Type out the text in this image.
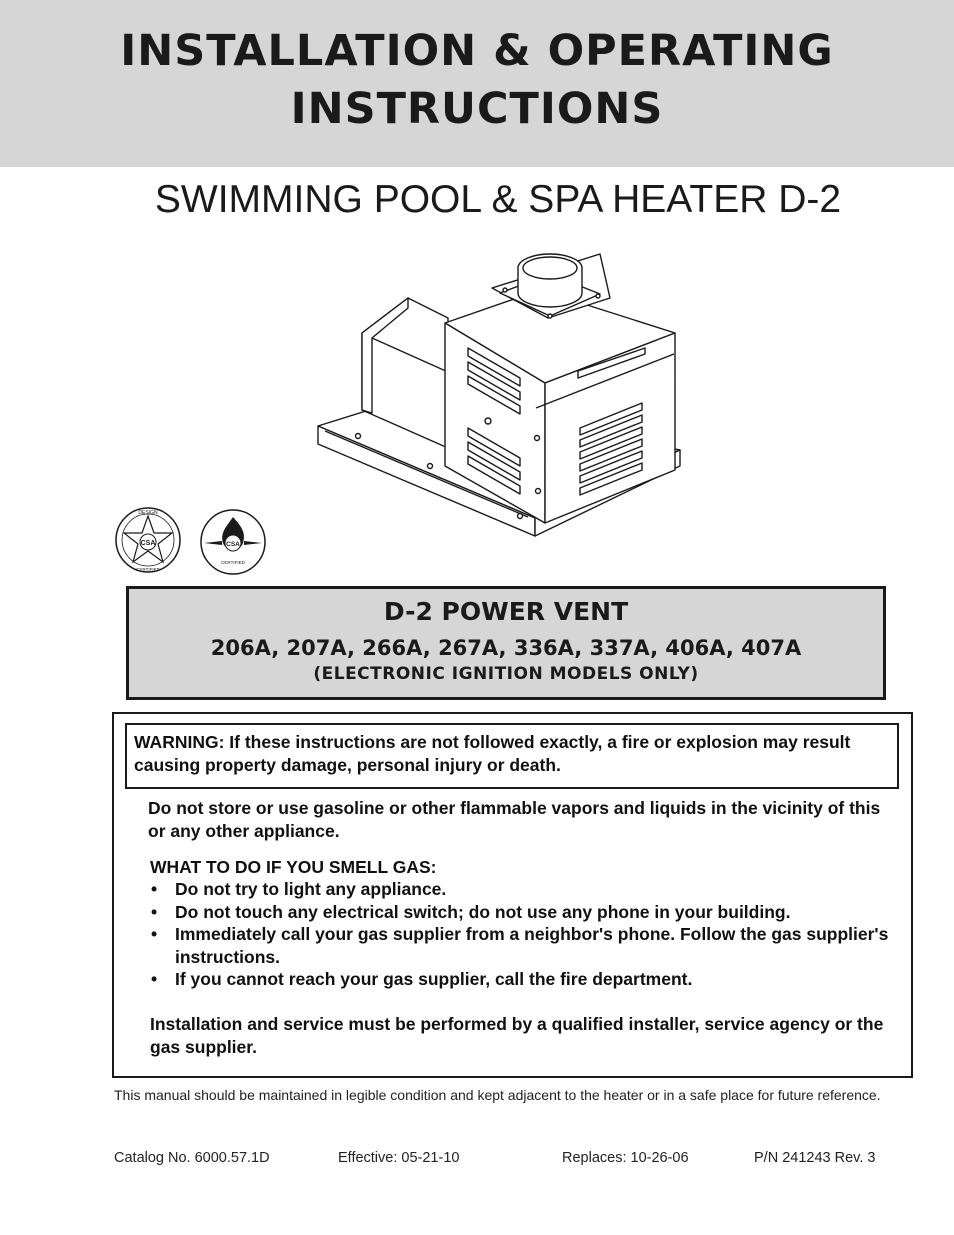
INSTALLATION & OPERATING
INSTRUCTIONS
SWIMMING POOL & SPA HEATER D-2
CSA
DESIGN
CERTIFIED
CSA
CERTIFIED
D-2 POWER VENT
206A, 207A, 266A, 267A, 336A, 337A, 406A, 407A
(ELECTRONIC IGNITION MODELS ONLY)
WARNING: If these instructions are not followed exactly, a fire or explosion may result causing property damage, personal injury or death.
Do not store or use gasoline or other flammable vapors and liquids in the vicinity of this or any other appliance.
WHAT TO DO IF YOU SMELL GAS:
• Do not try to light any appliance.
• Do not touch any electrical switch; do not use any phone in your building.
• Immediately call your gas supplier from a neighbor's phone. Follow the gas supplier's instructions.
• If you cannot reach your gas supplier, call the fire department.
Installation and service must be performed by a qualified installer, service agency or the gas supplier.
This manual should be maintained in legible condition and kept adjacent to the heater or in a safe place for future reference.
Catalog No. 6000.57.1D	Effective: 05-21-10	Replaces: 10-26-06	P/N 241243 Rev. 3
